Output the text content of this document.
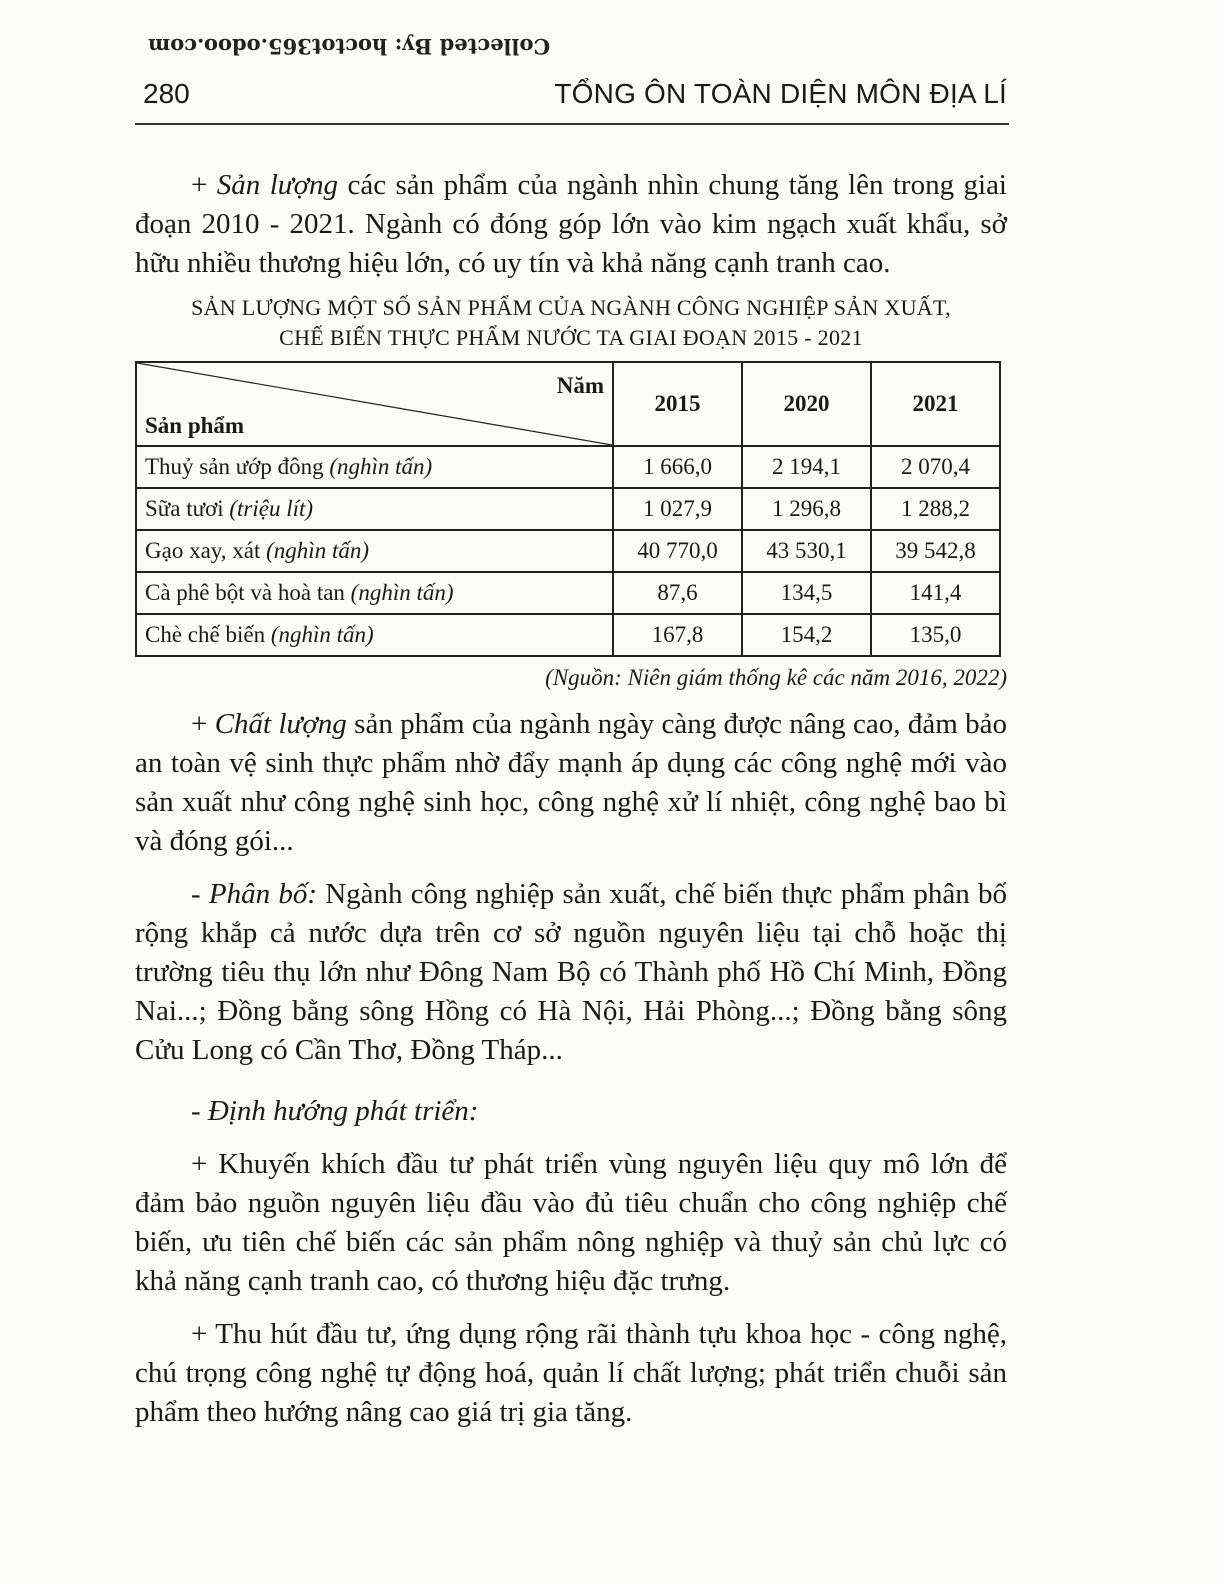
Collected By: hoctot365.odoo.com
280	TỔNG ÔN TOÀN DIỆN MÔN ĐỊA LÍ

+ Sản lượng các sản phẩm của ngành nhìn chung tăng lên trong giai đoạn 2010 - 2021. Ngành có đóng góp lớn vào kim ngạch xuất khẩu, sở hữu nhiều thương hiệu lớn, có uy tín và khả năng cạnh tranh cao.

SẢN LƯỢNG MỘT SỐ SẢN PHẨM CỦA NGÀNH CÔNG NGHIỆP SẢN XUẤT,
CHẾ BIẾN THỰC PHẨM NƯỚC TA GIAI ĐOẠN 2015 - 2021
Năm
Sản phẩm	2015	2020	2021
Thuỷ sản ướp đông (nghìn tấn)	1 666,0	2 194,1	2 070,4
Sữa tươi (triệu lít)	1 027,9	1 296,8	1 288,2
Gạo xay, xát (nghìn tấn)	40 770,0	43 530,1	39 542,8
Cà phê bột và hoà tan (nghìn tấn)	87,6	134,5	141,4
Chè chế biến (nghìn tấn)	167,8	154,2	135,0
(Nguồn: Niên giám thống kê các năm 2016, 2022)

+ Chất lượng sản phẩm của ngành ngày càng được nâng cao, đảm bảo an toàn vệ sinh thực phẩm nhờ đẩy mạnh áp dụng các công nghệ mới vào sản xuất như công nghệ sinh học, công nghệ xử lí nhiệt, công nghệ bao bì và đóng gói...

- Phân bố: Ngành công nghiệp sản xuất, chế biến thực phẩm phân bố rộng khắp cả nước dựa trên cơ sở nguồn nguyên liệu tại chỗ hoặc thị trường tiêu thụ lớn như Đông Nam Bộ có Thành phố Hồ Chí Minh, Đồng Nai...; Đồng bằng sông Hồng có Hà Nội, Hải Phòng...; Đồng bằng sông Cửu Long có Cần Thơ, Đồng Tháp...

- Định hướng phát triển:

+ Khuyến khích đầu tư phát triển vùng nguyên liệu quy mô lớn để đảm bảo nguồn nguyên liệu đầu vào đủ tiêu chuẩn cho công nghiệp chế biến, ưu tiên chế biến các sản phẩm nông nghiệp và thuỷ sản chủ lực có khả năng cạnh tranh cao, có thương hiệu đặc trưng.

+ Thu hút đầu tư, ứng dụng rộng rãi thành tựu khoa học - công nghệ, chú trọng công nghệ tự động hoá, quản lí chất lượng; phát triển chuỗi sản phẩm theo hướng nâng cao giá trị gia tăng.
